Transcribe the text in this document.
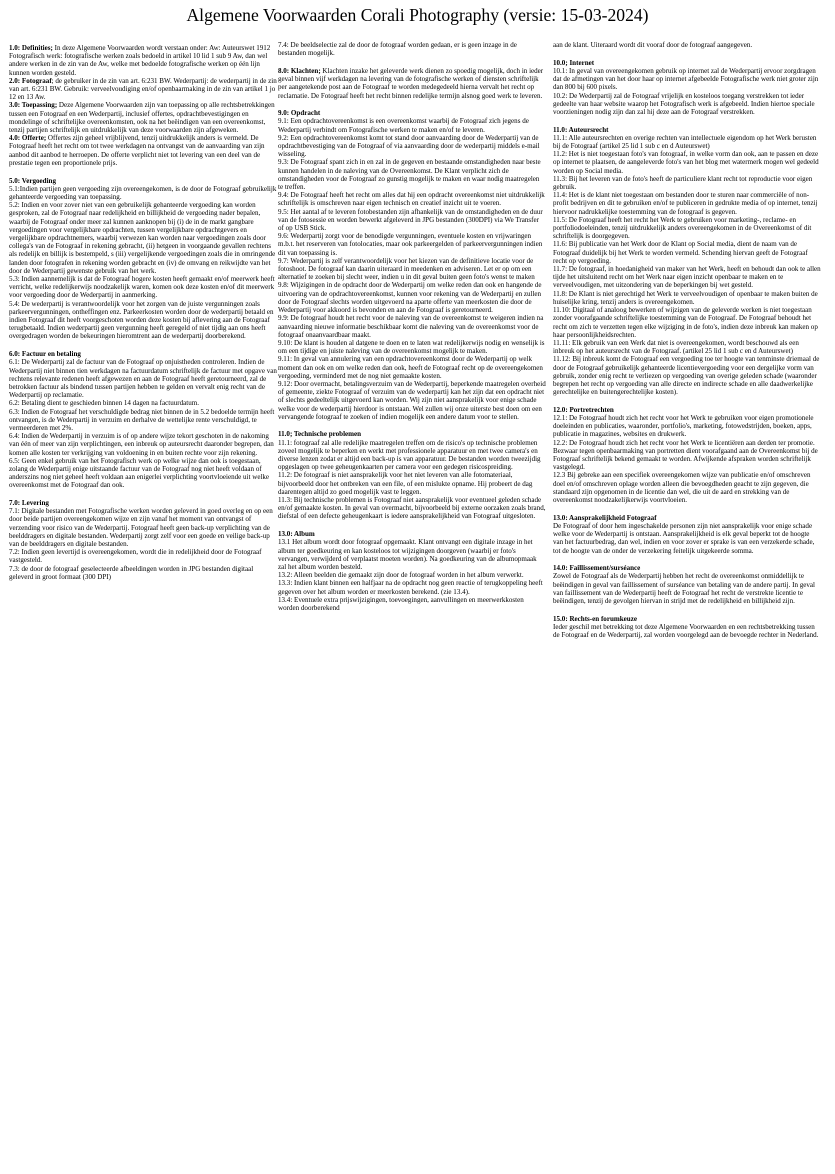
Algemene Voorwaarden Corali Photography (versie: 15-03-2024)
1.0: Definities; In deze Algemene Voorwaarden wordt verstaan onder: Aw: Auteurswet 1912 Fotografisch werk: fotografische werken zoals bedoeld in artikel 10 lid 1 sub 9 Aw, dan wel andere werken in de zin van de Aw, welke met bedoelde fotografische werken op één lijn kunnen worden gesteld.
2.0: Fotograaf; de gebruiker in de zin van art. 6:231 BW. Wederpartij: de wederpartij in de zin van art. 6:231 BW. Gebruik: verveelvoudiging en/of openbaarmaking in de zin van artikel 1 jo 12 en 13 Aw.
3.0: Toepassing; Deze Algemene Voorwaarden zijn van toepassing op alle rechtsbetrekkingen tussen een Fotograaf en een Wederpartij, inclusief offertes, opdrachtbevestigingen en mondelinge of schriftelijke overeenkomsten, ook na het beëindigen van een overeenkomst, tenzij partijen schriftelijk en uitdrukkelijk van deze voorwaarden zijn afgeweken.
4.0: Offerte; Offertes zijn geheel vrijblijvend, tenzij uitdrukkelijk anders is vermeld. De Fotograaf heeft het recht om tot twee werkdagen na ontvangst van de aanvaarding van zijn aanbod dit aanbod te herroepen. De offerte verplicht niet tot levering van een deel van de prestatie tegen een proportionele prijs.
5.0: Vergoeding
5.1:Indien partijen geen vergoeding zijn overeengekomen, is de door de Fotograaf gebruikelijk gehanteerde vergoeding van toepassing.
5.2: Indien en voor zover niet van een gebruikelijk gehanteerde vergoeding kan worden gesproken, zal de Fotograaf naar redelijkheid en billijkheid de vergoeding nader bepalen, waarbij de Fotograaf onder meer zal kunnen aanknopen bij (i) de in de markt gangbare vergoedingen voor vergelijkbare opdrachten, tussen vergelijkbare opdrachtgevers en vergelijkbare opdrachtnemers, waarbij verwezen kan worden naar vergoedingen zoals door collega's van de Fotograaf in rekening gebracht, (ii) hetgeen in voorgaande gevallen rechtens als redelijk en billijk is bestempeld, s (iii) vergelijkende vergoedingen zoals die in omringende landen door fotografen in rekening worden gebracht en (iv) de omvang en reikwijdte van het door de Wederpartij gewenste gebruik van het werk.
5.3: Indien aannemelijk is dat de Fotograaf hogere kosten heeft gemaakt en/of meerwerk heeft verricht, welke redelijkerwijs noodzakelijk waren, komen ook deze kosten en/of dit meerwerk voor vergoeding door de Wederpartij in aanmerking.
5.4: De wederpartij is verantwoordelijk voor het zorgen van de juiste vergunningen zoals parkeervergunningen, ontheffingen enz. Parkeerkosten worden door de wederpartij betaald en indien Fotograaf dit heeft voorgeschoten worden deze kosten bij aflevering aan de Fotograaf terugbetaald. Indien wederpartij geen vergunning heeft geregeld of niet tijdig aan ons heeft overgedragen worden de bekeuringen hieromtrent aan de wederpartij doorberekend.
6.0: Factuur en betaling
6.1: De Wederpartij zal de factuur van de Fotograaf op onjuistheden controleren. Indien de Wederpartij niet binnen tien werkdagen na factuurdatum schriftelijk de factuur met opgave van rechtens relevante redenen heeft afgewezen en aan de Fotograaf heeft geretourneerd, zal de betrokken factuur als bindend tussen partijen hebben te gelden en vervalt enig recht van de Wederpartij op reclamatie.
6.2: Betaling dient te geschieden binnen 14 dagen na factuurdatum.
6.3: Indien de Fotograaf het verschuldigde bedrag niet binnen de in 5.2 bedoelde termijn heeft ontvangen, is de Wederpartij in verzuim en derhalve de wettelijke rente verschuldigd, te vermeerderen met 2%.
6.4: Indien de Wederpartij in verzuim is of op andere wijze tekort geschoten in de nakoming van één of meer van zijn verplichtingen, een inbreuk op auteursrecht daaronder begrepen, dan komen alle kosten ter verkrijging van voldoening in en buiten rechte voor zijn rekening.
6.5: Geen enkel gebruik van het Fotografisch werk op welke wijze dan ook is toegestaan, zolang de Wederpartij enige uitstaande factuur van de Fotograaf nog niet heeft voldaan of anderszins nog niet geheel heeft voldaan aan enigerlei verplichting voortvloeiende uit welke overeenkomst met de Fotograaf dan ook.
7.0: Levering
7.1: Digitale bestanden met Fotografische werken worden geleverd in goed overleg en op een door beide partijen overeengekomen wijze en zijn vanaf het moment van ontvangst of verzending voor risico van de Wederpartij. Fotograaf heeft geen back-up verplichting van de beelddragers en digitale bestanden. Wederpartij zorgt zelf voor een goede en veilige back-up van de beelddragers en digitale bestanden.
7.2: Indien geen levertijd is overeengekomen, wordt die in redelijkheid door de Fotograaf vastgesteld.
7.3: de door de fotograaf geselecteerde afbeeldingen worden in JPG bestanden digitaal geleverd in groot formaat (300 DPI)
7.4: De beeldselectie zal de door de fotograaf worden gedaan, er is geen inzage in de bestanden mogelijk.
8.0: Klachten; Klachten inzake het geleverde werk dienen zo spoedig mogelijk, doch in ieder geval binnen vijf werkdagen na levering van de fotografische werken of diensten schriftelijk per aangetekende post aan de Fotograaf te worden medegedeeld hierna vervalt het recht op reclamatie. De Fotograaf heeft het recht binnen redelijke termijn alsnog goed werk te leveren.
9.0: Opdracht
9.1: Een opdrachtovereenkomst is een overeenkomst waarbij de Fotograaf zich jegens de Wederpartij verbindt om Fotografische werken te maken en/of te leveren.
9.2: Een opdrachtovereenkomst komt tot stand door aanvaarding door de Wederpartij van de opdrachtbevestiging van de Fotograaf of via aanvaarding door de wederpartij middels e-mail wisseling.
9.3: De Fotograaf spant zich in en zal in de gegeven en bestaande omstandigheden naar beste kunnen handelen in de naleving van de Overeenkomst. De Klant verplicht zich de omstandigheden voor de Fotograaf zo gunstig mogelijk te maken en waar nodig maatregelen te treffen.
9.4: De Fotograaf heeft het recht om alles dat hij een opdracht overeenkomst niet uitdrukkelijk schriftelijk is omschreven naar eigen technisch en creatief inzicht uit te voeren.
9.5: Het aantal af te leveren fotobestanden zijn afhankelijk van de omstandigheden en de duur van de fotosessie en worden bewerkt afgeleverd in JPG bestanden (300DPI) via We Transfer of op USB Stick.
9.6: Wederpartij zorgt voor de benodigde vergunningen, eventuele kosten en vrijwaringen m.b.t. het reserveren van fotolocaties, maar ook parkeergelden of parkeervergunningen indien dit van toepassing is.
9.7: Wederpartij is zelf verantwoordelijk voor het kiezen van de definitieve locatie voor de fotoshoot. De fotograaf kan daarin uiteraard in meedenken en adviseren. Let er op om een alternatief te zoeken bij slecht weer, indien u in dit geval buiten geen foto's wenst te maken
9.8: Wijzigingen in de opdracht door de Wederpartij om welke reden dan ook en hangende de uitvoering van de opdrachtovereenkomst, kunnen voor rekening van de Wederpartij en zullen door de Fotograaf slechts worden uitgevoerd na aparte offerte van meerkosten die door de Wederpartij voor akkoord is bevonden en aan de Fotograaf is geretourneerd.
9.9: De fotograaf houdt het recht voor de naleving van de overeenkomst te weigeren indien na aanvaarding nieuwe informatie beschikbaar komt die naleving van de overeenkomst voor de fotograaf onaanvaardbaar maakt.
9.10: De klant is houden al datgene te doen en te laten wat redelijkerwijs nodig en wenselijk is om een tijdige en juiste naleving van de overeenkomst mogelijk te maken.
9.11: In geval van annulering van een opdrachtovereenkomst door de Wederpartij op welk moment dan ook en om welke reden dan ook, heeft de Fotograaf recht op de overeengekomen vergoeding, verminderd met de nog niet gemaakte kosten.
9.12: Door overmacht, betalingsverzuim van de Wederpartij, beperkende maatregelen overheid of gemeente, ziekte Fotograaf of verzuim van de wederpartij kan het zijn dat een opdracht niet of slechts gedeeltelijk uitgevoerd kan worden. Wij zijn niet aansprakelijk voor enige schade welke voor de wederpartij hierdoor is ontstaan. Wel zullen wij onze uiterste best doen om een vervangende fotograaf te zoeken of indien mogelijk een andere datum voor te stellen.
11.0; Technische problemen
11.1: fotograaf zal alle redelijke maatregelen treffen om de risico's op technische problemen zoveel mogelijk te beperken en werkt met professionele apparatuur en met twee camera's en diverse lenzen zodat er altijd een back-up is van apparatuur. De bestanden worden tweezijdig opgeslagen op twee geheugenkaarten per camera voor een gedegen risicospreiding.
11.2: De fotograaf is niet aansprakelijk voor het niet leveren van alle fotomateriaal, bijvoorbeeld door het ontbreken van een file, of een mislukte opname. Hij probeert de dag daarentegen altijd zo goed mogelijk vast te leggen.
11.3: Bij technische problemen is Fotograaf niet aansprakelijk voor eventueel geleden schade en/of gemaakte kosten. In geval van overmacht, bijvoorbeeld bij externe oorzaken zoals brand, diefstal of een defecte geheugenkaart is iedere aansprakelijkheid van Fotograaf uitgesloten.
13.0: Album
13.1 Het album wordt door fotograaf opgemaakt. Klant ontvangt een digitale inzage in het album ter goedkeuring en kan kosteloos tot wijzigingen doorgeven (waarbij er foto's vervangen, verwijderd of verplaatst moeten worden). Na goedkeuring van de albumopmaak zal het album worden besteld.
13.2: Alleen beelden die gemaakt zijn door de fotograaf worden in het album verwerkt.
13.3: Indien klant binnen een halfjaar na de opdracht nog geen reactie of terugkoppeling heeft gegeven over het album worden er meerkosten berekend. (zie 13.4).
13.4: Eventuele extra prijswijzigingen, toevoegingen, aanvullingen en meerwerkkosten worden doorberekend
aan de klant. Uiteraard wordt dit vooraf door de fotograaf aangegeven.
10.0; Internet
10.1: In geval van overeengekomen gebruik op internet zal de Wederpartij ervoor zorgdragen dat de afmetingen van het door haar op internet afgebeelde Fotografische werk niet groter zijn dan 800 bij 600 pixels.
10.2: De Wederpartij zal de Fotograaf vrijelijk en kosteloos toegang verstrekken tot ieder gedeelte van haar website waarop het Fotografisch werk is afgebeeld. Indien hiertoe speciale voorzieningen nodig zijn dan zal hij deze aan de Fotograaf verstrekken.
11.0: Auteursrecht
11.1: Alle auteursrechten en overige rechten van intellectuele eigendom op het Werk berusten bij de Fotograaf (artikel 25 lid 1 sub c en d Auteurswet)
11.2: Het is niet toegestaan foto's van fotograaf, in welke vorm dan ook, aan te passen en deze op internet te plaatsen, de aangeleverde foto's van het blog met watermerk mogen wel gedeeld worden op Social media.
11.3: Bij het leveren van de foto's heeft de particuliere klant recht tot reproductie voor eigen gebruik.
11.4: Het is de klant niet toegestaan om bestanden door te sturen naar commerciële of non-profit bedrijven en dit te gebruiken en/of te publiceren in gedrukte media of op internet, tenzij hiervoor nadrukkelijke toestemming van de fotograaf is gegeven.
11.5: De Fotograaf heeft het recht het Werk te gebruiken voor marketing-, reclame- en portfoliodoeleinden, tenzij uitdrukkelijk anders overeengekomen in de Overeenkomst of dit schriftelijk is doorgegeven.
11.6: Bij publicatie van het Werk door de Klant op Social media, dient de naam van de Fotograaf duidelijk bij het Werk te worden vermeld. Schending hiervan geeft de Fotograaf recht op vergoeding.
11.7: De fotograaf, in hoedanigheid van maker van het Werk, heeft en behoudt dan ook te allen tijde het uitsluitend recht om het Werk naar eigen inzicht openbaar te maken en te verveelvoudigen, met uitzondering van de beperkingen bij wet gesteld.
11.8: De Klant is niet gerechtigd het Werk te verveelvoudigen of openbaar te maken buiten de huiselijke kring, tenzij anders is overeengekomen.
11.10: Digitaal of analoog bewerken of wijzigen van de geleverde werken is niet toegestaan zonder voorafgaande schriftelijke toestemming van de Fotograaf. De Fotograaf behoudt het recht om zich te verzetten tegen elke wijziging in de foto's, indien deze inbreuk kan maken op haar persoonlijkheidsrechten.
11.11: Elk gebruik van een Werk dat niet is overeengekomen, wordt beschouwd als een inbreuk op het auteursrecht van de Fotograaf. (artikel 25 lid 1 sub c en d Auteurswet)
11.12: Bij inbreuk komt de Fotograaf een vergoeding toe ter hoogte van tenminste driemaal de door de Fotograaf gebruikelijk gehanteerde licentievergoeding voor een dergelijke vorm van gebruik, zonder enig recht te verliezen op vergoeding van overige geleden schade (waaronder begrepen het recht op vergoeding van alle directe en indirecte schade en alle daadwerkelijke gerechtelijke en buitengerechtelijke kosten).
12.0: Portretrechten
12.1: De Fotograaf houdt zich het recht voor het Werk te gebruiken voor eigen promotionele doeleinden en publicaties, waaronder, portfolio's, marketing, fotowedstrijden, boeken, apps, publicatie in magazines, websites en drukwerk.
12.2: De Fotograaf houdt zich het recht voor het Werk te licentiëren aan derden ter promotie. Bezwaar tegen openbaarmaking van portretten dient voorafgaand aan de Overeenkomst bij de Fotograaf schriftelijk bekend gemaakt te worden. Afwijkende afspraken worden schriftelijk vastgelegd.
12.3 Bij gebreke aan een specifiek overeengekomen wijze van publicatie en/of omschreven doel en/of omschreven oplage worden alleen die bevoegdheden geacht te zijn gegeven, die standaard zijn opgenomen in de licentie dan wel, die uit de aard en strekking van de overeenkomst noodzakelijkerwijs voortvloeien.
13.0: Aansprakelijkheid Fotograaf
De Fotograaf of door hem ingeschakelde personen zijn niet aansprakelijk voor enige schade welke voor de Wederpartij is ontstaan. Aansprakelijkheid is elk geval beperkt tot de hoogte van het factuurbedrag, dan wel, indien en voor zover er sprake is van een verzekerde schade, tot de hoogte van de onder de verzekering feitelijk uitgekeerde somma.
14.0: Faillissement/surséance
Zowel de Fotograaf als de Wederpartij hebben het recht de overeenkomst onmiddellijk te beëindigen in geval van faillissement of surséance van betaling van de andere partij. In geval van faillissement van de Wederpartij heeft de Fotograaf het recht de verstrekte licentie te beëindigen, tenzij de gevolgen hiervan in strijd met de redelijkheid en billijkheid zijn.
15.0: Rechts-en forumkeuze
Ieder geschil met betrekking tot deze Algemene Voorwaarden en een rechtsbetrekking tussen de Fotograaf en de Wederpartij, zal worden voorgelegd aan de bevoegde rechter in Nederland.
